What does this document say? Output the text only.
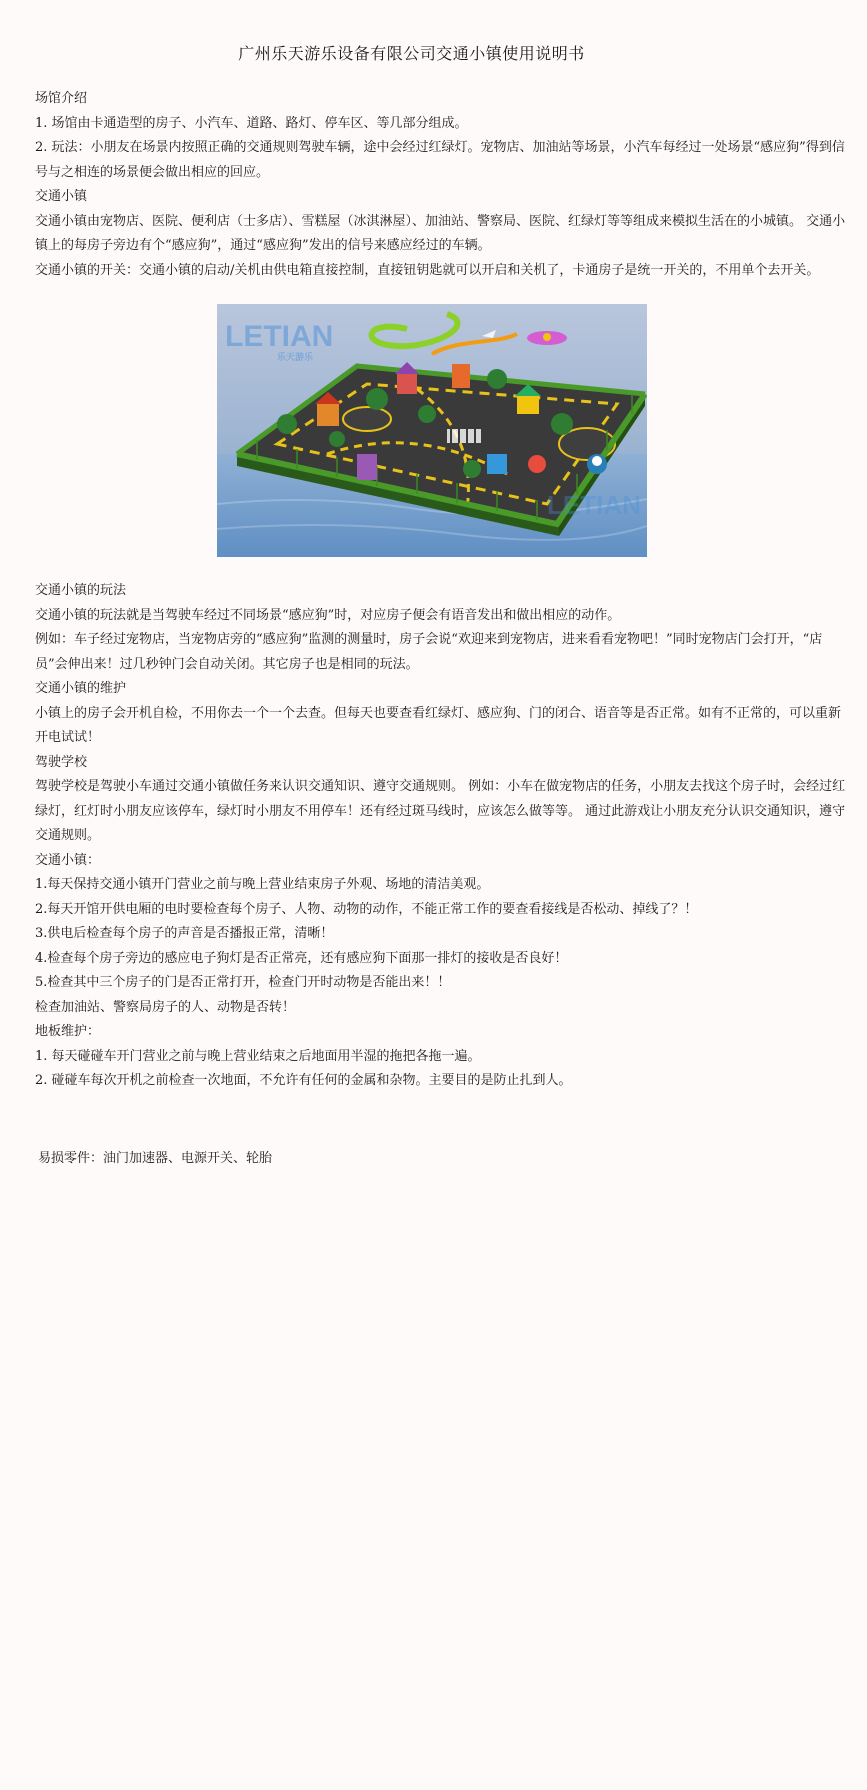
广州乐天游乐设备有限公司交通小镇使用说明书

场馆介绍

1. 场馆由卡通造型的房子、小汽车、道路、路灯、停车区、等几部分组成。

2. 玩法：小朋友在场景内按照正确的交通规则驾驶车辆，途中会经过红绿灯。宠物店、加油站等场景，小汽车每经过一处场景“感应狗”得到信号与之相连的场景便会做出相应的回应。

交通小镇

交通小镇由宠物店、医院、便利店（士多店）、雪糕屋（冰淇淋屋）、加油站、警察局、医院、红绿灯等等组成来模拟生活在的小城镇。 交通小镇上的每房子旁边有个“感应狗”，通过“感应狗”发出的信号来感应经过的车辆。

交通小镇的开关：交通小镇的启动/关机由供电箱直接控制，直接钮钥匙就可以开启和关机了，卡通房子是统一开关的，不用单个去开关。

LETIAN
乐天游乐
LETIAN

交通小镇的玩法

交通小镇的玩法就是当驾驶车经过不同场景“感应狗”时，对应房子便会有语音发出和做出相应的动作。

例如：车子经过宠物店，当宠物店旁的“感应狗”监测的测量时，房子会说“欢迎来到宠物店，进来看看宠物吧！”同时宠物店门会打开，“店员”会伸出来！过几秒钟门会自动关闭。其它房子也是相同的玩法。

交通小镇的维护

小镇上的房子会开机自检，不用你去一个一个去查。但每天也要查看红绿灯、感应狗、门的闭合、语音等是否正常。如有不正常的，可以重新开电试试！

驾驶学校

驾驶学校是驾驶小车通过交通小镇做任务来认识交通知识、遵守交通规则。 例如：小车在做宠物店的任务，小朋友去找这个房子时，会经过红绿灯，红灯时小朋友应该停车，绿灯时小朋友不用停车！还有经过斑马线时，应该怎么做等等。 通过此游戏让小朋友充分认识交通知识，遵守交通规则。

交通小镇：

1.每天保持交通小镇开门营业之前与晚上营业结束房子外观、场地的清洁美观。

2.每天开馆开供电厢的电时要检查每个房子、人物、动物的动作，不能正常工作的要查看接线是否松动、掉线了？！

3.供电后检查每个房子的声音是否播报正常，清晰！

4.检查每个房子旁边的感应电子狗灯是否正常亮，还有感应狗下面那一排灯的接收是否良好！

5.检查其中三个房子的门是否正常打开，检查门开时动物是否能出来！！

检查加油站、警察局房子的人、动物是否转！

地板维护：

1. 每天碰碰车开门营业之前与晚上营业结束之后地面用半湿的拖把各拖一遍。

2. 碰碰车每次开机之前检查一次地面，不允许有任何的金属和杂物。主要目的是防止扎到人。

易损零件：油门加速器、电源开关、轮胎
